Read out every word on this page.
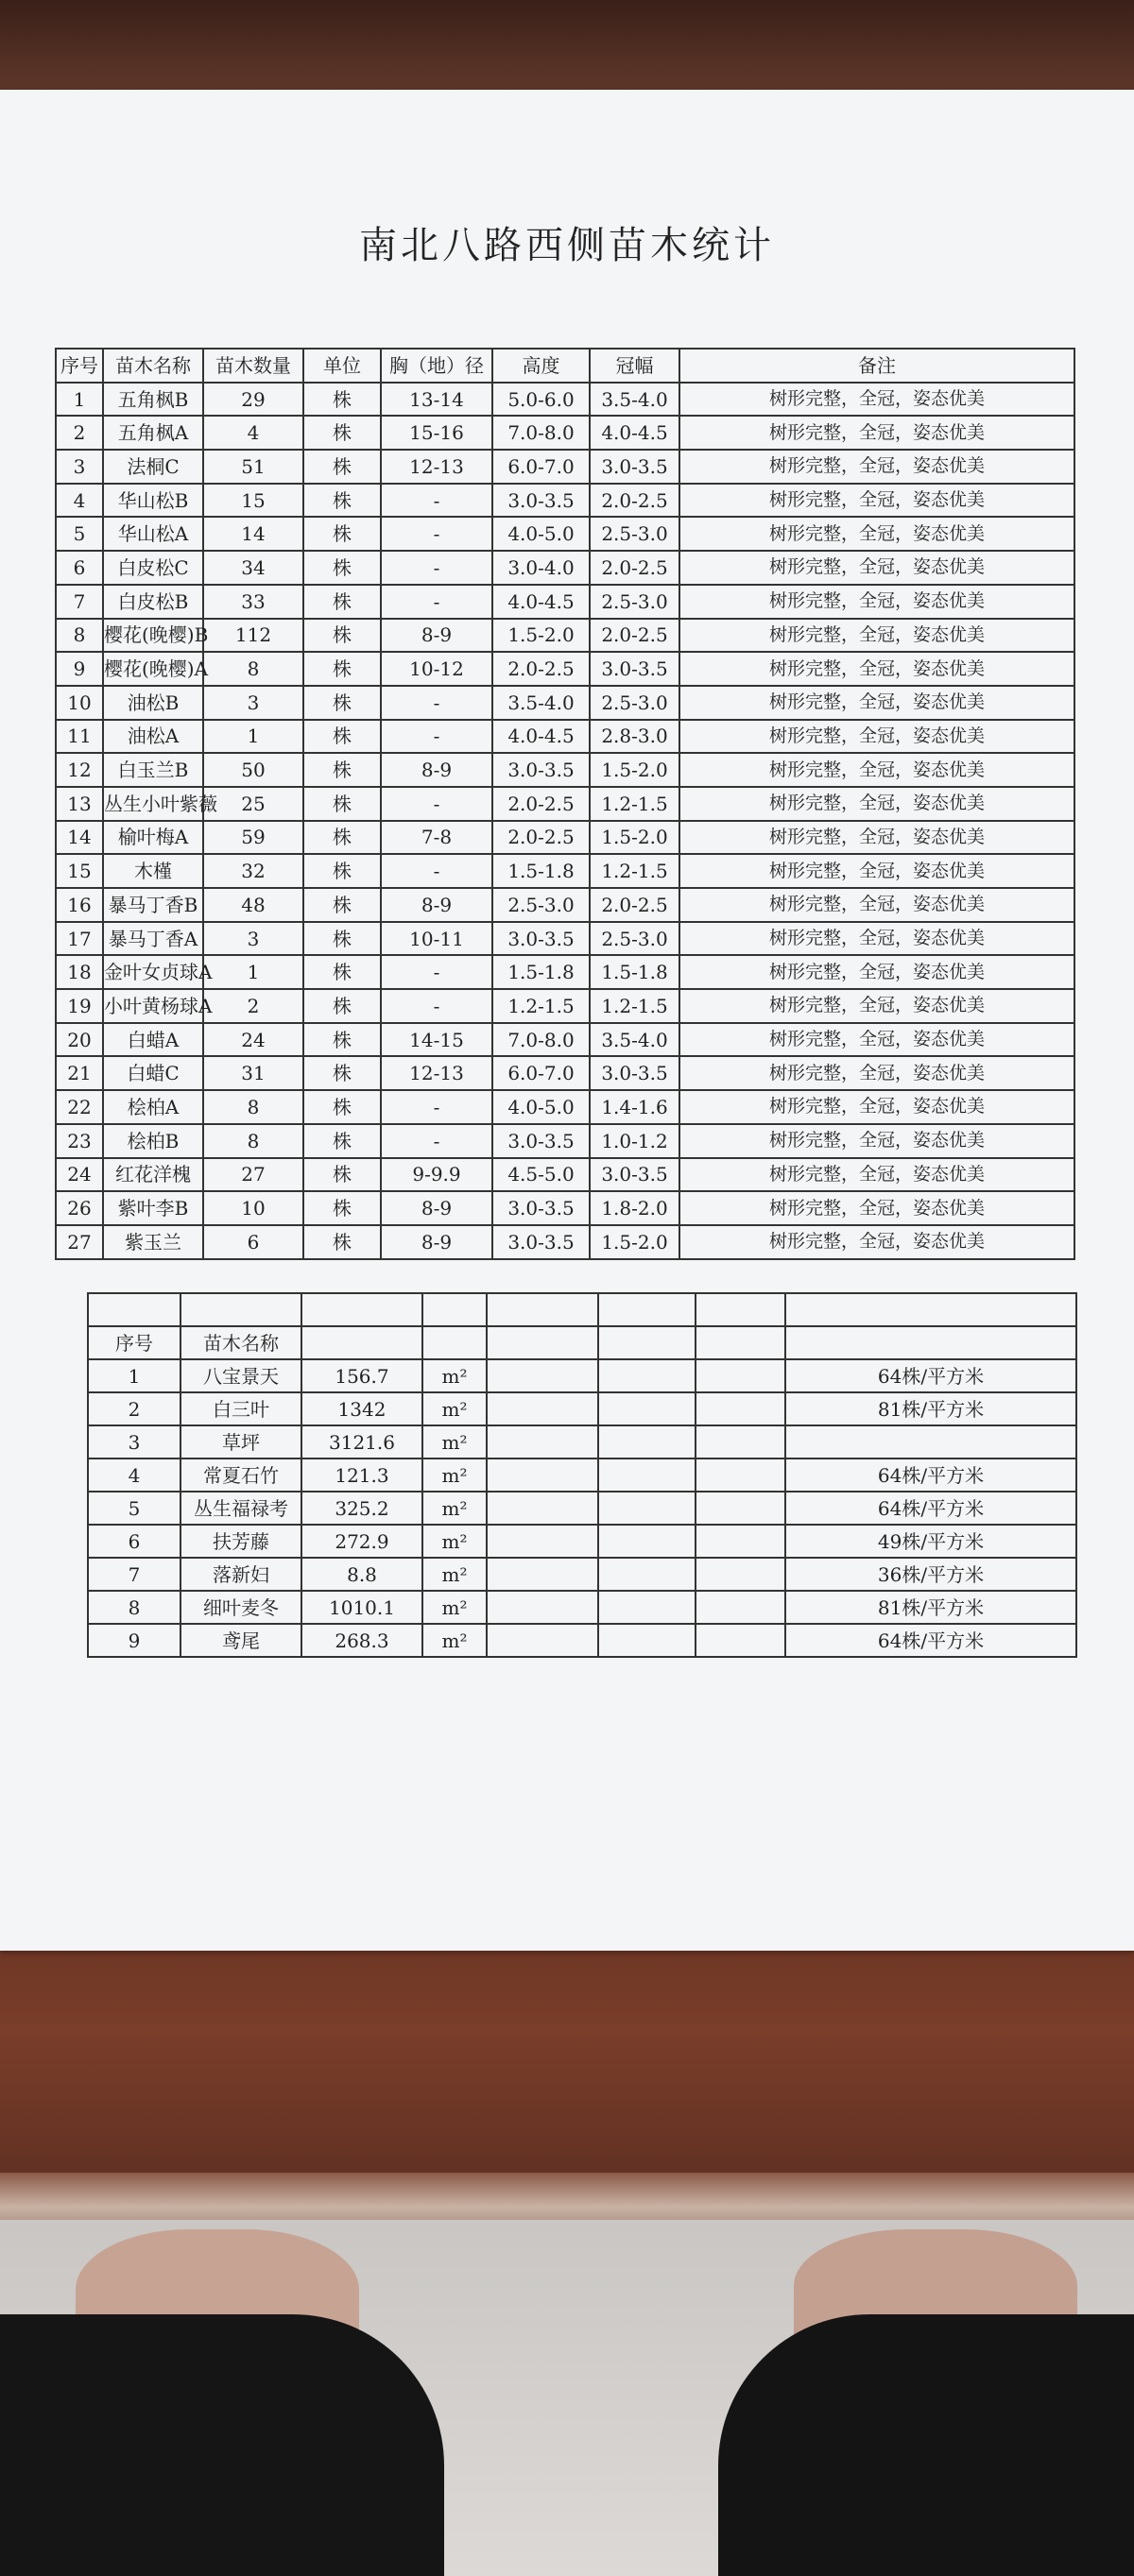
南北八路西侧苗木统计
序号	苗木名称	苗木数量	单位	胸（地）径	高度	冠幅	备注
1	五角枫B	29	株	13-14	5.0-6.0	3.5-4.0	树形完整，全冠，姿态优美
2	五角枫A	4	株	15-16	7.0-8.0	4.0-4.5	树形完整，全冠，姿态优美
3	法桐C	51	株	12-13	6.0-7.0	3.0-3.5	树形完整，全冠，姿态优美
4	华山松B	15	株	-	3.0-3.5	2.0-2.5	树形完整，全冠，姿态优美
5	华山松A	14	株	-	4.0-5.0	2.5-3.0	树形完整，全冠，姿态优美
6	白皮松C	34	株	-	3.0-4.0	2.0-2.5	树形完整，全冠，姿态优美
7	白皮松B	33	株	-	4.0-4.5	2.5-3.0	树形完整，全冠，姿态优美
8	樱花(晚樱)B	112	株	8-9	1.5-2.0	2.0-2.5	树形完整，全冠，姿态优美
9	樱花(晚樱)A	8	株	10-12	2.0-2.5	3.0-3.5	树形完整，全冠，姿态优美
10	油松B	3	株	-	3.5-4.0	2.5-3.0	树形完整，全冠，姿态优美
11	油松A	1	株	-	4.0-4.5	2.8-3.0	树形完整，全冠，姿态优美
12	白玉兰B	50	株	8-9	3.0-3.5	1.5-2.0	树形完整，全冠，姿态优美
13	丛生小叶紫薇	25	株	-	2.0-2.5	1.2-1.5	树形完整，全冠，姿态优美
14	榆叶梅A	59	株	7-8	2.0-2.5	1.5-2.0	树形完整，全冠，姿态优美
15	木槿	32	株	-	1.5-1.8	1.2-1.5	树形完整，全冠，姿态优美
16	暴马丁香B	48	株	8-9	2.5-3.0	2.0-2.5	树形完整，全冠，姿态优美
17	暴马丁香A	3	株	10-11	3.0-3.5	2.5-3.0	树形完整，全冠，姿态优美
18	金叶女贞球A	1	株	-	1.5-1.8	1.5-1.8	树形完整，全冠，姿态优美
19	小叶黄杨球A	2	株	-	1.2-1.5	1.2-1.5	树形完整，全冠，姿态优美
20	白蜡A	24	株	14-15	7.0-8.0	3.5-4.0	树形完整，全冠，姿态优美
21	白蜡C	31	株	12-13	6.0-7.0	3.0-3.5	树形完整，全冠，姿态优美
22	桧柏A	8	株	-	4.0-5.0	1.4-1.6	树形完整，全冠，姿态优美
23	桧柏B	8	株	-	3.0-3.5	1.0-1.2	树形完整，全冠，姿态优美
24	红花洋槐	27	株	9-9.9	4.5-5.0	3.0-3.5	树形完整，全冠，姿态优美
26	紫叶李B	10	株	8-9	3.0-3.5	1.8-2.0	树形完整，全冠，姿态优美
27	紫玉兰	6	株	8-9	3.0-3.5	1.5-2.0	树形完整，全冠，姿态优美

序号	苗木名称						
1	八宝景天	156.7	m²				64株/平方米
2	白三叶	1342	m²				81株/平方米
3	草坪	3121.6	m²				
4	常夏石竹	121.3	m²				64株/平方米
5	丛生福禄考	325.2	m²				64株/平方米
6	扶芳藤	272.9	m²				49株/平方米
7	落新妇	8.8	m²				36株/平方米
8	细叶麦冬	1010.1	m²				81株/平方米
9	鸢尾	268.3	m²				64株/平方米
